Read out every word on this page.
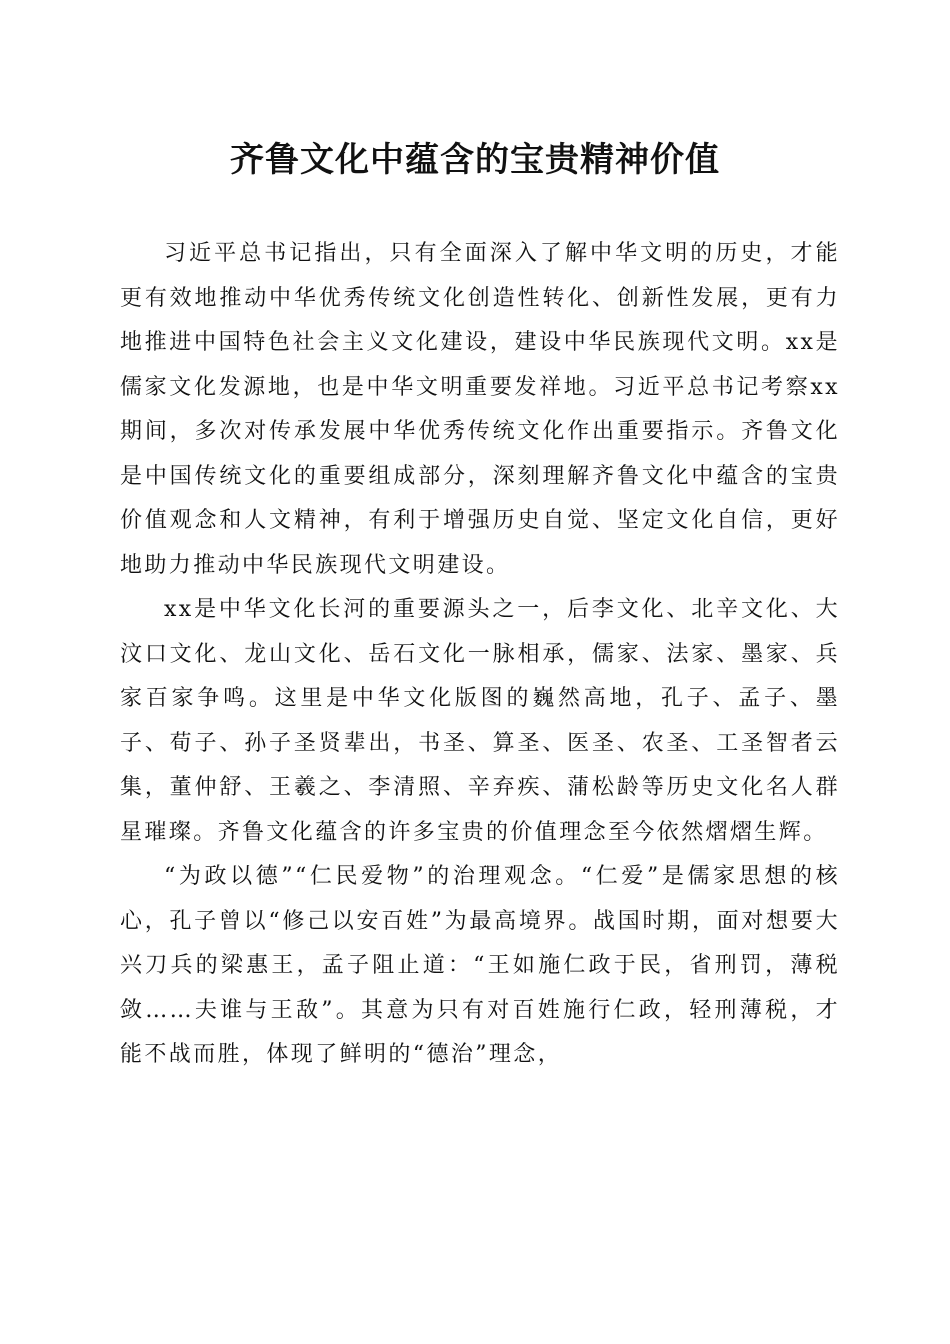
齐鲁文化中蕴含的宝贵精神价值

习近平总书记指出，只有全面深入了解中华文明的历史，才能更有效地推动中华优秀传统文化创造性转化、创新性发展，更有力地推进中国特色社会主义文化建设，建设中华民族现代文明。xx是儒家文化发源地，也是中华文明重要发祥地。习近平总书记考察xx期间，多次对传承发展中华优秀传统文化作出重要指示。齐鲁文化是中国传统文化的重要组成部分，深刻理解齐鲁文化中蕴含的宝贵价值观念和人文精神，有利于增强历史自觉、坚定文化自信，更好地助力推动中华民族现代文明建设。

xx是中华文化长河的重要源头之一，后李文化、北辛文化、大汶口文化、龙山文化、岳石文化一脉相承，儒家、法家、墨家、兵家百家争鸣。这里是中华文化版图的巍然高地，孔子、孟子、墨子、荀子、孙子圣贤辈出，书圣、算圣、医圣、农圣、工圣智者云集，董仲舒、王羲之、李清照、辛弃疾、蒲松龄等历史文化名人群星璀璨。齐鲁文化蕴含的许多宝贵的价值理念至今依然熠熠生辉。

“为政以德”“仁民爱物”的治理观念。“仁爱”是儒家思想的核心，孔子曾以“修己以安百姓”为最高境界。战国时期，面对想要大兴刀兵的梁惠王，孟子阻止道：“王如施仁政于民，省刑罚，薄税敛……夫谁与王敌”。其意为只有对百姓施行仁政，轻刑薄税，才能不战而胜，体现了鲜明的“德治”理念，
